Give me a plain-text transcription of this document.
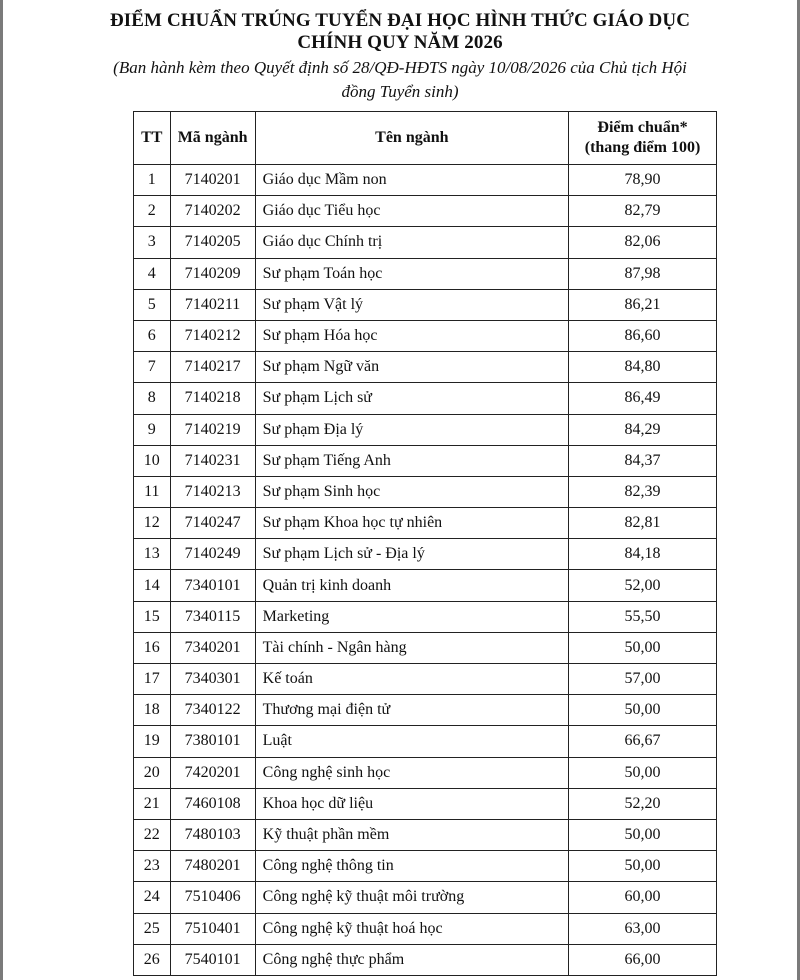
ĐIỂM CHUẨN TRÚNG TUYỂN ĐẠI HỌC HÌNH THỨC GIÁO DỤC
CHÍNH QUY NĂM 2026
(Ban hành kèm theo Quyết định số 28/QĐ-HĐTS ngày 10/08/2026 của Chủ tịch Hội
đồng Tuyển sinh)
TT	Mã ngành	Tên ngành	Điểm chuẩn*
(thang điểm 100)

1	7140201	Giáo dục Mầm non	78,90
2	7140202	Giáo dục Tiểu học	82,79
3	7140205	Giáo dục Chính trị	82,06
4	7140209	Sư phạm Toán học	87,98
5	7140211	Sư phạm Vật lý	86,21
6	7140212	Sư phạm Hóa học	86,60
7	7140217	Sư phạm Ngữ văn	84,80
8	7140218	Sư phạm Lịch sử	86,49
9	7140219	Sư phạm Địa lý	84,29
10	7140231	Sư phạm Tiếng Anh	84,37
11	7140213	Sư phạm Sinh học	82,39
12	7140247	Sư phạm Khoa học tự nhiên	82,81
13	7140249	Sư phạm Lịch sử - Địa lý	84,18
14	7340101	Quản trị kinh doanh	52,00
15	7340115	Marketing	55,50
16	7340201	Tài chính - Ngân hàng	50,00
17	7340301	Kế toán	57,00
18	7340122	Thương mại điện tử	50,00
19	7380101	Luật	66,67
20	7420201	Công nghệ sinh học	50,00
21	7460108	Khoa học dữ liệu	52,20
22	7480103	Kỹ thuật phần mềm	50,00
23	7480201	Công nghệ thông tin	50,00
24	7510406	Công nghệ kỹ thuật môi trường	60,00
25	7510401	Công nghệ kỹ thuật hoá học	63,00
26	7540101	Công nghệ thực phẩm	66,00
